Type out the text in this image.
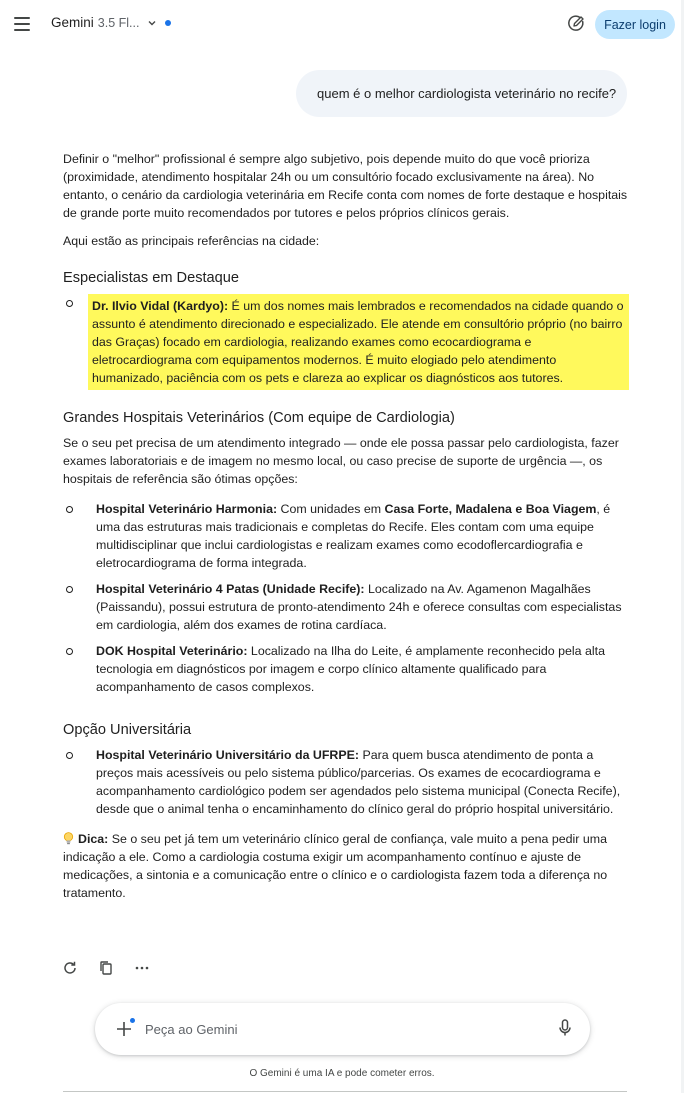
Gemini 3.5 Fl...	Fazer login
quem é o melhor cardiologista veterinário no recife?

Definir o "melhor" profissional é sempre algo subjetivo, pois depende muito do que você prioriza (proximidade, atendimento hospitalar 24h ou um consultório focado exclusivamente na área). No entanto, o cenário da cardiologia veterinária em Recife conta com nomes de forte destaque e hospitais de grande porte muito recomendados por tutores e pelos próprios clínicos gerais.

Aqui estão as principais referências na cidade:

Especialistas em Destaque
Dr. Ilvio Vidal (Kardyo): É um dos nomes mais lembrados e recomendados na cidade quando o assunto é atendimento direcionado e especializado. Ele atende em consultório próprio (no bairro das Graças) focado em cardiologia, realizando exames como ecocardiograma e eletrocardiograma com equipamentos modernos. É muito elogiado pelo atendimento humanizado, paciência com os pets e clareza ao explicar os diagnósticos aos tutores.
Grandes Hospitais Veterinários (Com equipe de Cardiologia)

Se o seu pet precisa de um atendimento integrado — onde ele possa passar pelo cardiologista, fazer exames laboratoriais e de imagem no mesmo local, ou caso precise de suporte de urgência —, os hospitais de referência são ótimas opções:

Hospital Veterinário Harmonia: Com unidades em Casa Forte, Madalena e Boa Viagem, é uma das estruturas mais tradicionais e completas do Recife. Eles contam com uma equipe multidisciplinar que inclui cardiologistas e realizam exames como ecodoflercardiografia e eletrocardiograma de forma integrada.
Hospital Veterinário 4 Patas (Unidade Recife): Localizado na Av. Agamenon Magalhães (Paissandu), possui estrutura de pronto-atendimento 24h e oferece consultas com especialistas em cardiologia, além dos exames de rotina cardíaca.
DOK Hospital Veterinário: Localizado na Ilha do Leite, é amplamente reconhecido pela alta tecnologia em diagnósticos por imagem e corpo clínico altamente qualificado para acompanhamento de casos complexos.
Opção Universitária
Hospital Veterinário Universitário da UFRPE: Para quem busca atendimento de ponta a preços mais acessíveis ou pelo sistema público/parcerias. Os exames de ecocardiograma e acompanhamento cardiológico podem ser agendados pelo sistema municipal (Conecta Recife), desde que o animal tenha o encaminhamento do clínico geral do próprio hospital universitário.

Dica: Se o seu pet já tem um veterinário clínico geral de confiança, vale muito a pena pedir uma indicação a ele. Como a cardiologia costuma exigir um acompanhamento contínuo e ajuste de medicações, a sintonia e a comunicação entre o clínico e o cardiologista fazem toda a diferença no tratamento.

Peça ao Gemini
O Gemini é uma IA e pode cometer erros.
